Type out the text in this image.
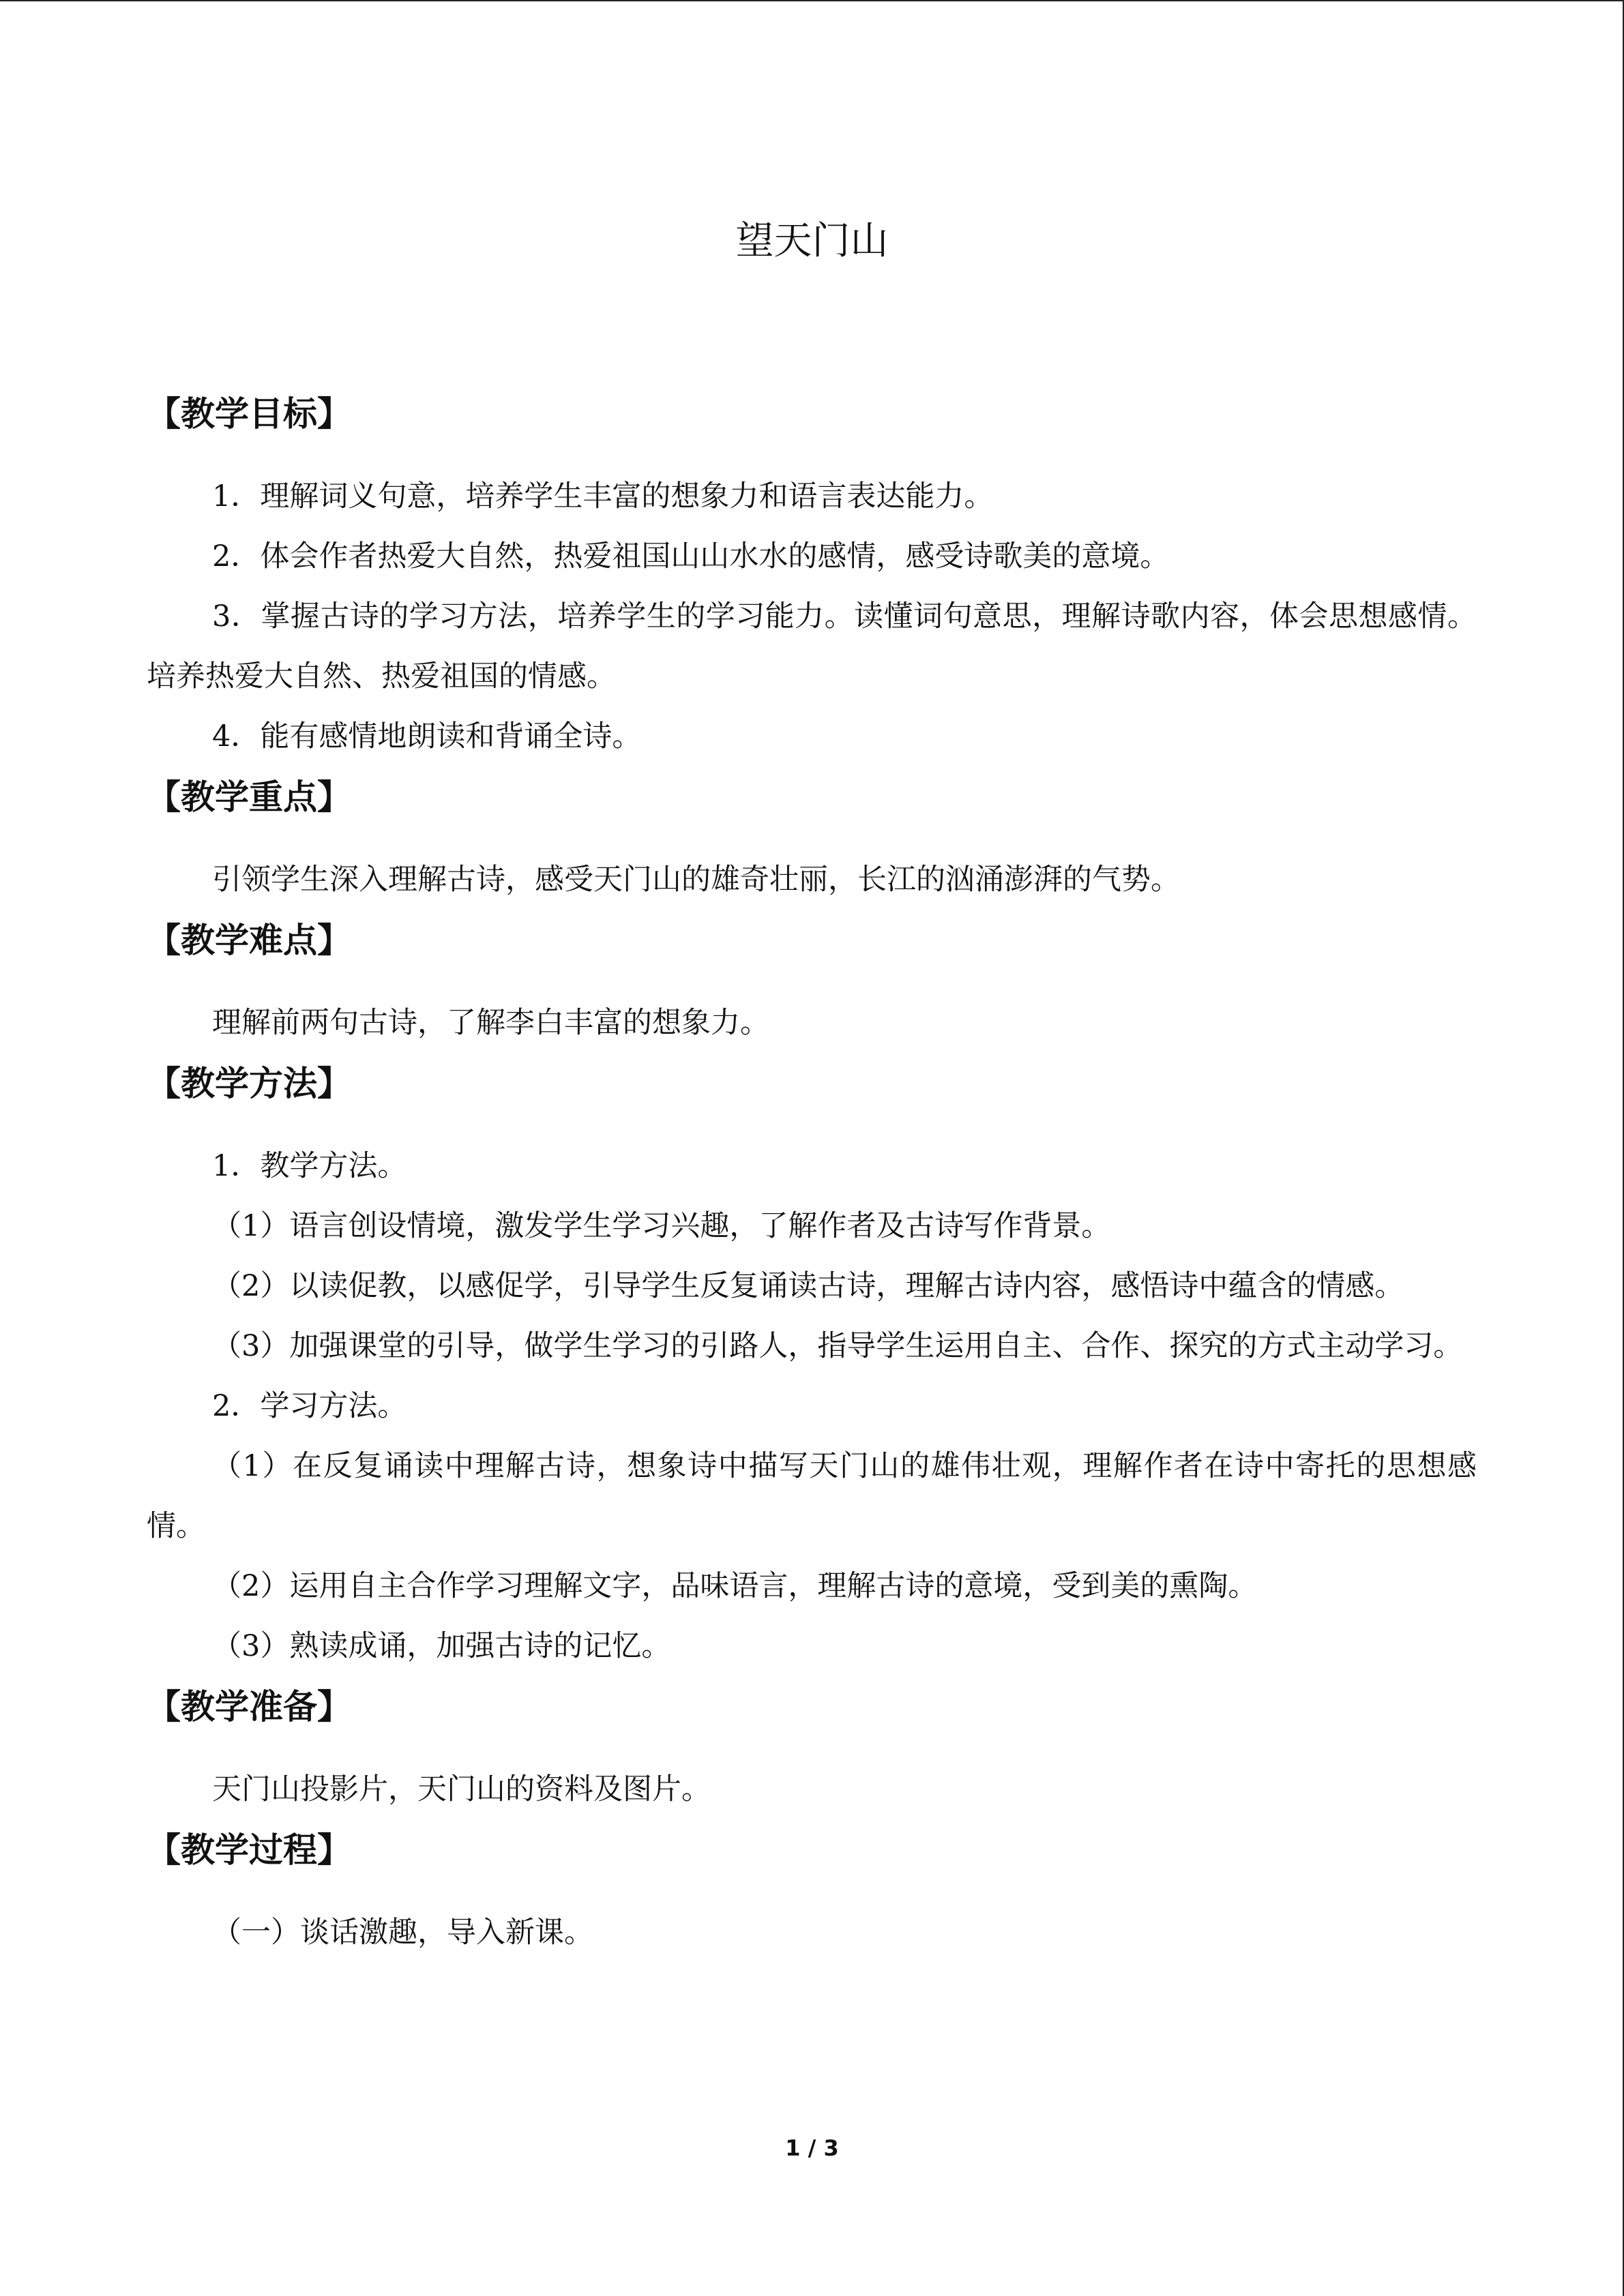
望天门山
【教学目标】

1．理解词义句意，培养学生丰富的想象力和语言表达能力。

2．体会作者热爱大自然，热爱祖国山山水水的感情，感受诗歌美的意境。

3．掌握古诗的学习方法，培养学生的学习能力。读懂词句意思，理解诗歌内容，体会思想感情。培养热爱大自然、热爱祖国的情感。

4．能有感情地朗读和背诵全诗。

【教学重点】

引领学生深入理解古诗，感受天门山的雄奇壮丽，长江的汹涌澎湃的气势。

【教学难点】

理解前两句古诗，了解李白丰富的想象力。

【教学方法】

1．教学方法。

（1）语言创设情境，激发学生学习兴趣，了解作者及古诗写作背景。

（2）以读促教，以感促学，引导学生反复诵读古诗，理解古诗内容，感悟诗中蕴含的情感。

（3）加强课堂的引导，做学生学习的引路人，指导学生运用自主、合作、探究的方式主动学习。

2．学习方法。

（1）在反复诵读中理解古诗，想象诗中描写天门山的雄伟壮观，理解作者在诗中寄托的思想感情。

（2）运用自主合作学习理解文字，品味语言，理解古诗的意境，受到美的熏陶。

（3）熟读成诵，加强古诗的记忆。

【教学准备】

天门山投影片，天门山的资料及图片。

【教学过程】

（一）谈话激趣，导入新课。

1 / 3
